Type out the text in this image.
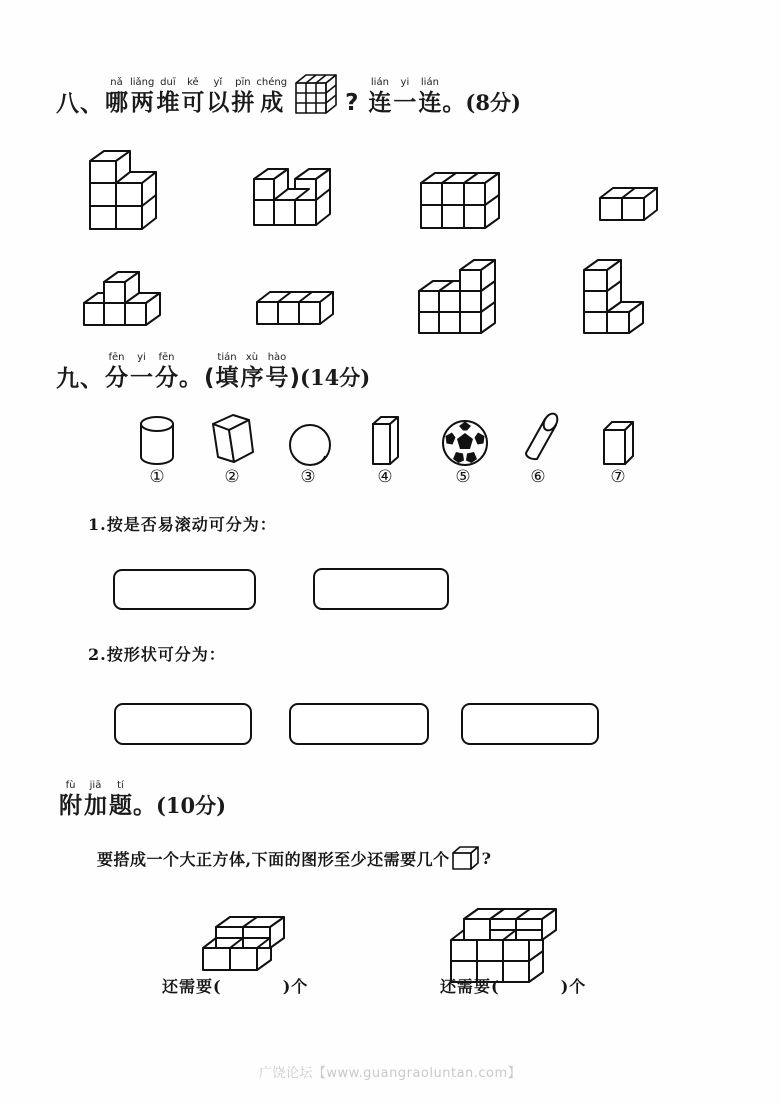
八、
nǎ
哪
liǎng
两
duī
堆
kě
可
yǐ
以
pīn
拼
chéng
成	?
lián
连
yi
一
lián
连 。 (8分)
九、
fēn
分
yi
一
fēn
分 。 (
tián
填
xù
序
hào
号 ) (14分)
①	②	③	④	⑤	⑥	⑦
1.按是否易滚动可分为：
2.按形状可分为：
fù
附
jiā
加
tí
题 。 (10分)
要搭成一个大正方体,下面的图形至少还需要几个 ?
还需要(	)个	还需要(	)个
广饶论坛【www.guangraoluntan.com】
